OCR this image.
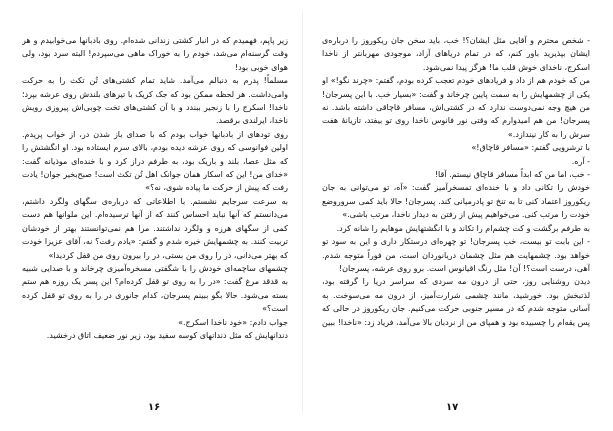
زیر پاپم، فهمیدم که در انبار کشتی زندانی شده‌ام. روی بادبانها می‌خوابیدم و هر وقت گرسنه‌ام می‌شد، خودم را به خوراک ماهی می‌سپردم! البته سرد بود، ولی هوای خوبی بود!

مسلماً! پدرم به دنبالم می‌آمد. شاید تمام کشتی‌های تُن تکث را به حرکت وامی‌داشت. هر لحظه ممکن بود که جک کریک با تیرهای بلندش روی عرشه بپرد؛ ناخدا! اسکرج را با زنجیر ببندد و با آن کشتی‌های تخت چوبی‌اش پیروزی رویش ناخدا، ایرلندی برقصد.

روی تودهای از بادبانها خواب بودم که با صدای باز شدن در، از خواب پریدم. اولین فوانوسی که روی عرشه دیده بودم، بالای سرم ایستاده بود. او انگشتش را که مثل عصا، بلند و باریک بود، به طرفم دراز کرد و با خنده‌ای موذیانه گفت: «خدای من! این که اسکار همان جوانک اهل تُن تکث است! صبح‌بخیر جوان! یادت رفت که پیش از حرکت ما پیاده شوی، نه؟»

به سرعت سرجایم نشستم. با اطلاعاتی که درباره‌ی سگهای ولگرد داشتم، می‌دانستم که آنها نباید احساس کنند که از آنها ترسیده‌ام. این ملوانها هم دست کمی از سگهای هرزه و ولگرد نداشتند. مرا هم نمی‌توانستند بهتر از خودشان تربیت کنند. به چشمهایش خیره شدم و گفتم: «یادم رفت؟ نه، آقای عزیزا خودت که بهتر می‌دانی، در را روی من بستی، در را بیرون روی من قفل کردیدا»

چشمهای ساچمه‌ای خودش را با شگفتی مسخره‌آمیزی چرخاند و با صدایی شبیه به قدقد مرغ گفت: «در را به روی تو قفل کرده‌ام؟ این پسر یک روزه هم ستم بسته می‌شود. حالا بگو ببینم پسرجان، کدام جانوری در را به روی تو قفل کرده است؟»

جواب دادم: «خود ناخدا اسکرج.»

دندانهایش که مثل دندانهای کوسه سفید بود، زیر نور ضعیف اتاق درخشید.

- شخص محترم و آقایی مثل ایشان؟! خب، باید سخن جان ریکوروز را درباره‌ی ایشان بپذیرید باور کنم، که در تمام دریاهای آزاد، موجودی مهربانتر از ناخدا اسکرج، ناخدای خوش قلب ما! هرگز پیدا نمی‌شود.

من که خودم هم از داد و فریادهای خودم تعجب کرده بودم، گفتم: «چرند نگو!» او یکی از چشمهایش را به سمت پایین چرخاند و گفت: «بسیار خب. با این پسرجان! من هیچ وجه نمی‌دوست ندارد که در کشتی‌اش، مسافر قاچاقی داشته باشد. نه پسرجان! من هم امیدوارم که وقتی نور فانوس ناخدا روی تو بیفتد، تازیانهٔ هفت سرش را به کار نیندازد.»

با ترشرویی گفتم: «مسافر قاچاق!»

- آره.

- خب، اما من که ابداً مسافر قاچاق نیستم. آقا!

خودش را تکانی داد و با خنده‌ای تمسخر‌آمیز گفت: «آه، تو می‌توانی به جان ریکوروز اعتماد کنی تا به تنخ تو پادرمیانی کند. پسرجان! حالا باید کمی سروروضع خودت را مرتب کنی. می‌خواهیم پیش از رفتن به دیدار ناخدا، مرتب باشی.»

به طرفم برگشت و کت چشم‌ام را تکاند و با انگشتهایش موهایم را شانه کرد.

- این بابت تو بیست، خب پسرجان! تو چهره‌ای درستکار داری و این به سود تو خواهد بود. چشمهایت هم مثل چشمان دریانوردان است، من فوراً متوجه شدم. آهی، درست است؟! آن! مثل رنگ اقیانوس است. برو روی عرشه، پسرجان!

دیدن روشنایی روز، حتی از درون مه سردی که سراسر دریا را گرفته بود، لذتبخش بود. خورشید، مانند چشمی شرارت‌آمیز، از درون مه می‌سوخت. به آسانی متوجه شدم که در مسیر جنوبی حرکت می‌کنیم. جان ریکوروز در حالی که پس یقه‌ام را چسبیده بود و همپای من از نردبان بالا می‌آمد، فریاد زد: «ناخدا! ببین

۱۶	۱۷
